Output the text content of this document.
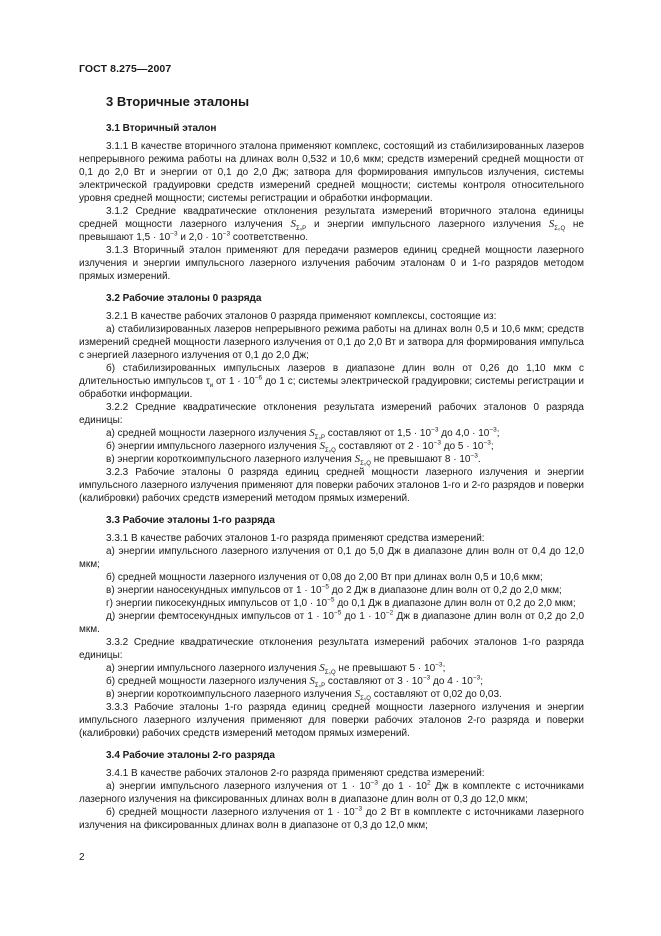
ГОСТ 8.275—2007
3 Вторичные эталоны
3.1 Вторичный эталон

3.1.1 В качестве вторичного эталона применяют комплекс, состоящий из стабилизированных лазеров непрерывного режима работы на длинах волн 0,532 и 10,6 мкм; средств измерений средней мощности от 0,1 до 2,0 Вт и энергии от 0,1 до 2,0 Дж; затвора для формирования импульсов излучения, системы электрической градуировки средств измерений средней мощности; системы контроля относительного уровня средней мощности; системы регистрации и обработки информации.

3.1.2 Средние квадратические отклонения результата измерений вторичного эталона единицы средней мощности лазерного излучения $S_{\Sigma_0P}$ и энергии импульсного лазерного излучения $S_{\Sigma_0Q}$ не превышают $1,5 \cdot 10^{-3}$ и $2,0 \cdot 10^{-3}$ соответственно.

3.1.3 Вторичный эталон применяют для передачи размеров единиц средней мощности лазерного излучения и энергии импульсного лазерного излучения рабочим эталонам 0 и 1-го разрядов методом прямых измерений.

3.2 Рабочие эталоны 0 разряда

3.2.1 В качестве рабочих эталонов 0 разряда применяют комплексы, состоящие из:

а) стабилизированных лазеров непрерывного режима работы на длинах волн 0,5 и 10,6 мкм; средств измерений средней мощности лазерного излучения от 0,1 до 2,0 Вт и затвора для формирования импульса с энергией лазерного излучения от 0,1 до 2,0 Дж;

б) стабилизированных импульсных лазеров в диапазоне длин волн от 0,26 до 1,10 мкм с длительностью импульсов $\tau_и$ от $1 \cdot 10^{-6}$ до 1 с; системы электрической градуировки; системы регистрации и обработки информации.

3.2.2 Средние квадратические отклонения результата измерений рабочих эталонов 0 разряда единицы:

а) средней мощности лазерного излучения $S_{\Sigma_0P}$ составляют от $1,5 \cdot 10^{-3}$ до $4,0 \cdot 10^{-3}$;

б) энергии импульсного лазерного излучения $S_{\Sigma_0Q}$ составляют от $2 \cdot 10^{-3}$ до $5 \cdot 10^{-3}$;

в) энергии короткоимпульсного лазерного излучения $S_{\Sigma_0Q}$ не превышают $8 \cdot 10^{-3}$.

3.2.3 Рабочие эталоны 0 разряда единиц средней мощности лазерного излучения и энергии импульсного лазерного излучения применяют для поверки рабочих эталонов 1-го и 2-го разрядов и поверки (калибровки) рабочих средств измерений методом прямых измерений.

3.3 Рабочие эталоны 1-го разряда

3.3.1 В качестве рабочих эталонов 1-го разряда применяют средства измерений:

а) энергии импульсного лазерного излучения от 0,1 до 5,0 Дж в диапазоне длин волн от 0,4 до 12,0 мкм;

б) средней мощности лазерного излучения от 0,08 до 2,00 Вт при длинах волн 0,5 и 10,6 мкм;

в) энергии наносекундных импульсов от $1 \cdot 10^{-5}$ до 2 Дж в диапазоне длин волн от 0,2 до 2,0 мкм;

г) энергии пикосекундных импульсов от $1,0 \cdot 10^{-5}$ до 0,1 Дж в диапазоне длин волн от 0,2 до 2,0 мкм;

д) энергии фемтосекундных импульсов от $1 \cdot 10^{-5}$ до $1 \cdot 10^{-2}$ Дж в диапазоне длин волн от 0,2 до 2,0 мкм.

3.3.2 Средние квадратические отклонения результата измерений рабочих эталонов 1-го разряда единицы:

а) энергии импульсного лазерного излучения $S_{\Sigma_0Q}$ не превышают $5 \cdot 10^{-3}$;

б) средней мощности лазерного излучения $S_{\Sigma_0P}$ составляют от $3 \cdot 10^{-3}$ до $4 \cdot 10^{-3}$;

в) энергии короткоимпульсного лазерного излучения $S_{\Sigma_0Q}$ составляют от 0,02 до 0,03.

3.3.3 Рабочие эталоны 1-го разряда единиц средней мощности лазерного излучения и энергии импульсного лазерного излучения применяют для поверки рабочих эталонов 2-го разряда и поверки (калибровки) рабочих средств измерений методом прямых измерений.

3.4 Рабочие эталоны 2-го разряда

3.4.1 В качестве рабочих эталонов 2-го разряда применяют средства измерений:

а) энергии импульсного лазерного излучения от $1 \cdot 10^{-3}$ до $1 \cdot 10^2$ Дж в комплекте с источниками лазерного излучения на фиксированных длинах волн в диапазоне длин волн от 0,3 до 12,0 мкм;

б) средней мощности лазерного излучения от $1 \cdot 10^{-3}$ до 2 Вт в комплекте с источниками лазерного излучения на фиксированных длинах волн в диапазоне от 0,3 до 12,0 мкм;

2
